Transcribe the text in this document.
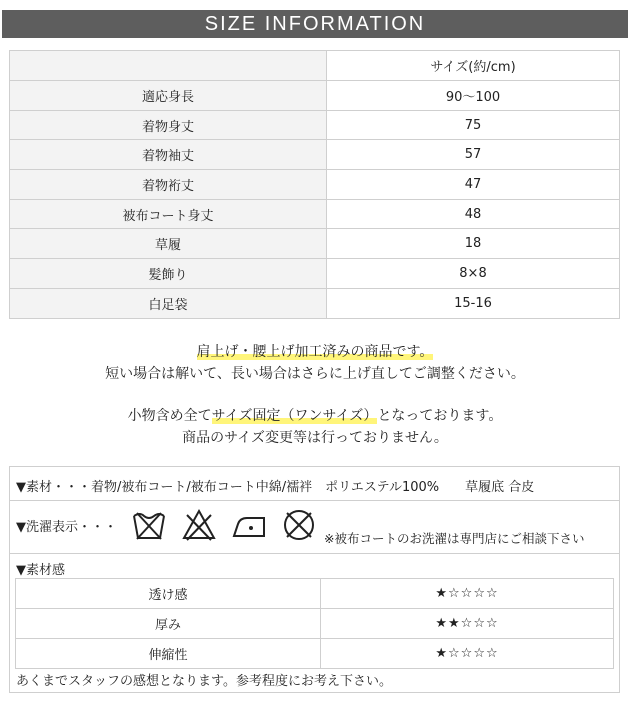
SIZE INFORMATION
	サイズ(約/cm)
適応身長	90〜100
着物身丈	75
着物袖丈	57
着物裄丈	47
被布コート身丈	48
草履	18
髪飾り	8×8
白足袋	15-16
肩上げ・腰上げ加工済みの商品です。
短い場合は解いて、長い場合はさらに上げ直してご調整ください。
小物含め全てサイズ固定（ワンサイズ）となっております。
商品のサイズ変更等は行っておりません。
▼素材・・・着物/被布コート/被布コート中綿/襦袢　ポリエステル100%　　草履底 合皮
▼洗濯表示・・・
※被布コートのお洗濯は専門店にご相談下さい
▼素材感
透け感	★☆☆☆☆
厚み	★★☆☆☆
伸縮性	★☆☆☆☆
あくまでスタッフの感想となります。参考程度にお考え下さい。
